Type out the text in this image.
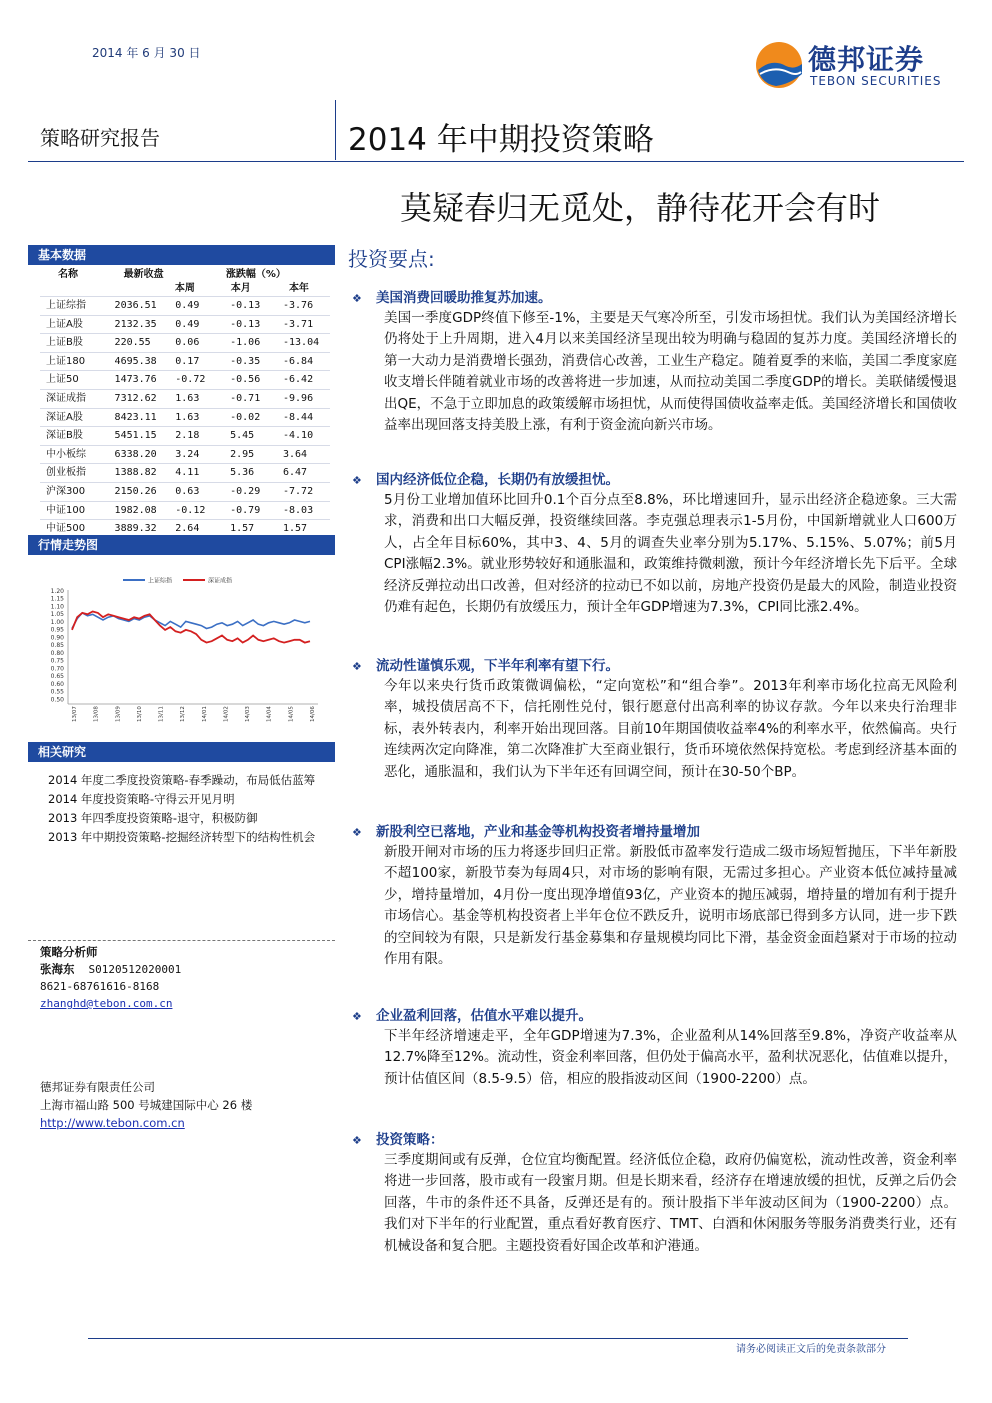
2014 年 6 月 30 日	德邦证券
TEBON SECURITIES
策略研究报告	2014 年中期投资策略
莫疑春归无觅处，静待花开会有时
基本数据
名称	最新收盘	涨跌幅（%）
本周	本月	本年
上证综指	2036.51	0.49	-0.13	-3.76
上证A股	2132.35	0.49	-0.13	-3.71
上证B股	220.55	0.06	-1.06	-13.04
上证180	4695.38	0.17	-0.35	-6.84
上证50	1473.76	-0.72	-0.56	-6.42
深证成指	7312.62	1.63	-0.71	-9.96
深证A股	8423.11	1.63	-0.02	-8.44
深证B股	5451.15	2.18	5.45	-4.10
中小板综	6338.20	3.24	2.95	3.64
创业板指	1388.82	4.11	5.36	6.47
沪深300	2150.26	0.63	-0.29	-7.72
中证100	1982.08	-0.12	-0.79	-8.03
中证500	3889.32	2.64	1.57	1.57
行情走势图
1.20
1.15
1.10
1.05
1.00
0.95
0.90
0.85
0.80
0.75
0.70
0.65
0.60
0.55
0.50
13/07	13/08	13/09	13/10	13/11	13/12	14/01	14/02	14/03	14/04	14/05	14/06
上证综指	深证成指
相关研究
2014 年度二季度投资策略-春季躁动，布局低估蓝筹
2014 年度投资策略-守得云开见月明
2013 年四季度投资策略-退守，积极防御
2013 年中期投资策略-挖掘经济转型下的结构性机会
策略分析师
张海东 S0120512020001
8621-68761616-8168
zhanghd@tebon.com.cn
德邦证券有限责任公司
上海市福山路 500 号城建国际中心 26 楼
http://www.tebon.com.cn
投资要点:
❖ 美国消费回暖助推复苏加速。
美国一季度GDP终值下修至-1%，主要是天气寒冷所至，引发市场担忧。我们认为美国经济增长仍将处于上升周期，进入4月以来美国经济呈现出较为明确与稳固的复苏力度。美国经济增长的第一大动力是消费增长强劲，消费信心改善，工业生产稳定。随着夏季的来临，美国二季度家庭收支增长伴随着就业市场的改善将进一步加速，从而拉动美国二季度GDP的增长。美联储缓慢退出QE，不急于立即加息的政策缓解市场担忧，从而使得国债收益率走低。美国经济增长和国债收益率出现回落支持美股上涨，有利于资金流向新兴市场。
❖ 国内经济低位企稳，长期仍有放缓担忧。
5月份工业增加值环比回升0.1个百分点至8.8%，环比增速回升，显示出经济企稳迹象。三大需求，消费和出口大幅反弹，投资继续回落。李克强总理表示1-5月份，中国新增就业人口600万人，占全年目标60%，其中3、4、5月的调查失业率分别为5.17%、5.15%、5.07%；前5月CPI涨幅2.3%。就业形势较好和通胀温和，政策维持微刺激，预计今年经济增长先下后平。全球经济反弹拉动出口改善，但对经济的拉动已不如以前，房地产投资仍是最大的风险，制造业投资仍难有起色，长期仍有放缓压力，预计全年GDP增速为7.3%，CPI同比涨2.4%。
❖ 流动性谨慎乐观，下半年利率有望下行。
今年以来央行货币政策微调偏松，“定向宽松”和“组合拳”。2013年利率市场化拉高无风险利率，城投债居高不下，信托刚性兑付，银行愿意付出高利率的协议存款。今年以来央行治理非标，表外转表内，利率开始出现回落。目前10年期国债收益率4%的利率水平，依然偏高。央行连续两次定向降准，第二次降准扩大至商业银行，货币环境依然保持宽松。考虑到经济基本面的恶化，通胀温和，我们认为下半年还有回调空间，预计在30-50个BP。
❖ 新股利空已落地，产业和基金等机构投资者增持量增加
新股开闸对市场的压力将逐步回归正常。新股低市盈率发行造成二级市场短暂抛压，下半年新股不超100家，新股节奏为每周4只，对市场的影响有限，无需过多担心。产业资本低位减持量减少，增持量增加，4月份一度出现净增值93亿，产业资本的抛压减弱，增持量的增加有利于提升市场信心。基金等机构投资者上半年仓位不跌反升，说明市场底部已得到多方认同，进一步下跌的空间较为有限，只是新发行基金募集和存量规模均同比下滑，基金资金面趋紧对于市场的拉动作用有限。
❖ 企业盈利回落，估值水平难以提升。
下半年经济增速走平，全年GDP增速为7.3%，企业盈利从14%回落至9.8%，净资产收益率从12.7%降至12%。流动性，资金利率回落，但仍处于偏高水平，盈利状况恶化，估值难以提升，预计估值区间（8.5-9.5）倍，相应的股指波动区间（1900-2200）点。
❖ 投资策略：
三季度期间或有反弹，仓位宜均衡配置。经济低位企稳，政府仍偏宽松，流动性改善，资金利率将进一步回落，股市或有一段蜜月期。但是长期来看，经济存在增速放缓的担忧，反弹之后仍会回落，牛市的条件还不具备，反弹还是有的。预计股指下半年波动区间为（1900-2200）点。我们对下半年的行业配置，重点看好教育医疗、TMT、白酒和休闲服务等服务消费类行业，还有机械设备和复合肥。主题投资看好国企改革和沪港通。
请务必阅读正文后的免责条款部分
